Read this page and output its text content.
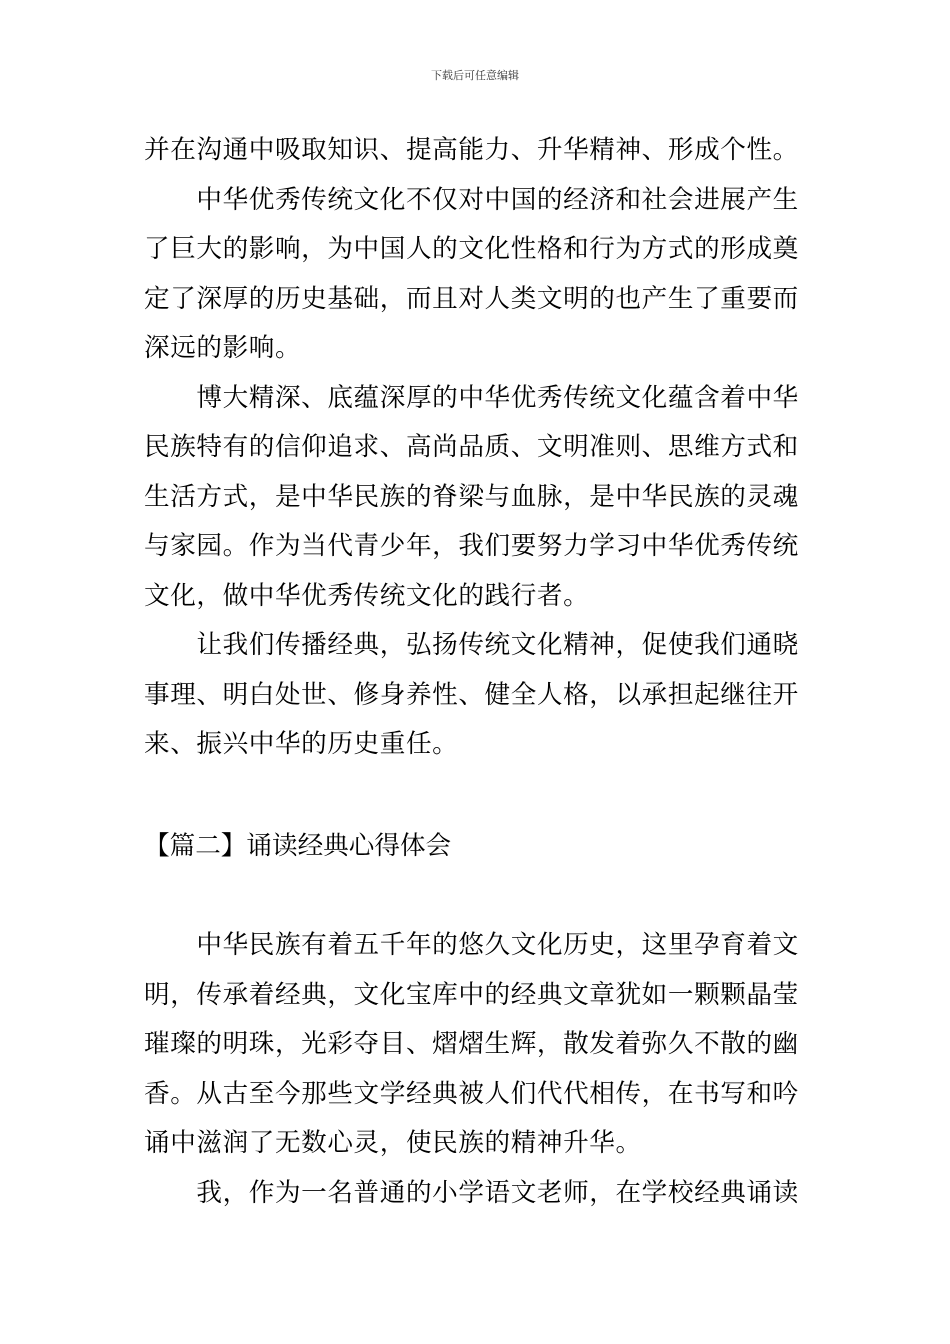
下载后可任意编辑
并在沟通中吸取知识、提高能力、升华精神、形成个性。
　　中华优秀传统文化不仅对中国的经济和社会进展产生
了巨大的影响，为中国人的文化性格和行为方式的形成奠
定了深厚的历史基础，而且对人类文明的也产生了重要而
深远的影响。
　　博大精深、底蕴深厚的中华优秀传统文化蕴含着中华
民族特有的信仰追求、高尚品质、文明准则、思维方式和
生活方式，是中华民族的脊梁与血脉，是中华民族的灵魂
与家园。作为当代青少年，我们要努力学习中华优秀传统
文化，做中华优秀传统文化的践行者。
　　让我们传播经典，弘扬传统文化精神，促使我们通晓
事理、明白处世、修身养性、健全人格，以承担起继往开
来、振兴中华的历史重任。
【篇二】诵读经典心得体会
　　中华民族有着五千年的悠久文化历史，这里孕育着文
明，传承着经典，文化宝库中的经典文章犹如一颗颗晶莹
璀璨的明珠，光彩夺目、熠熠生辉，散发着弥久不散的幽
香。从古至今那些文学经典被人们代代相传，在书写和吟
诵中滋润了无数心灵，使民族的精神升华。
　　我，作为一名普通的小学语文老师，在学校经典诵读
